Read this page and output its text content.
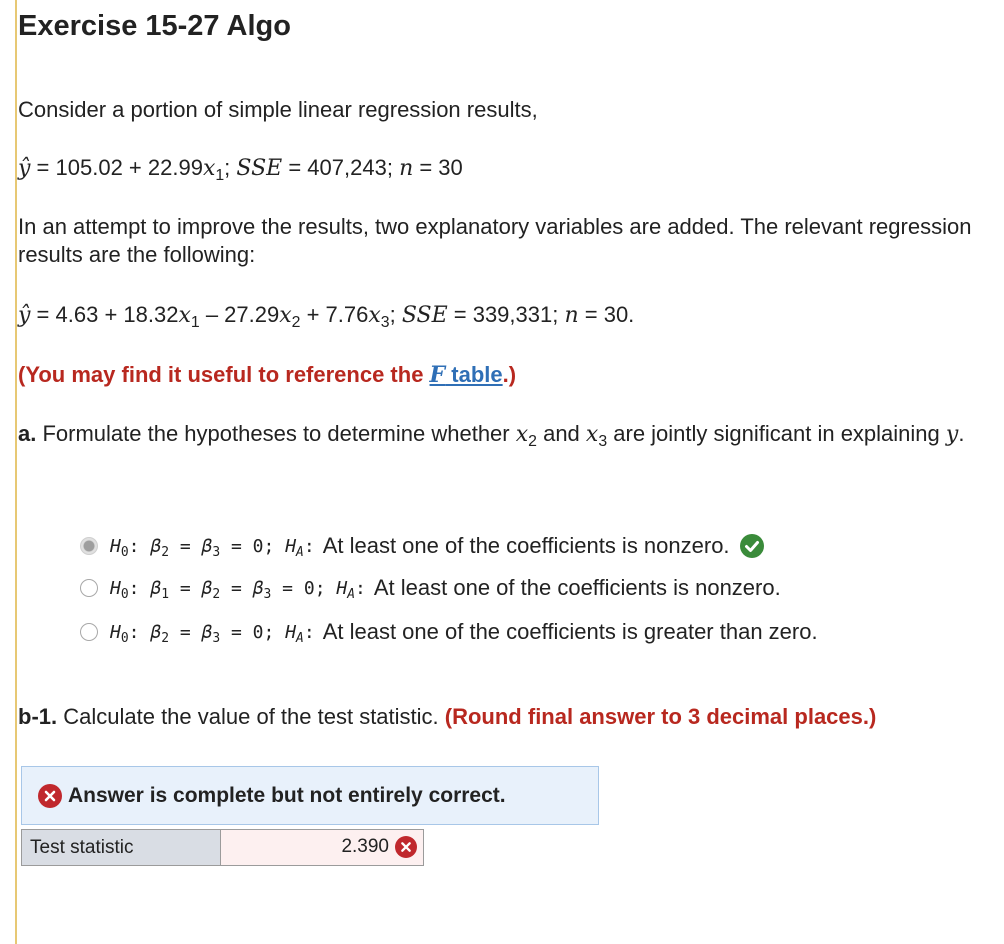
Exercise 15-27 Algo

Consider a portion of simple linear regression results,

ŷ = $105.02 + 22.99x_1$; SSE = 407,243; n = 30

In an attempt to improve the results, two explanatory variables are added. The relevant regression results are the following:

ŷ = $4.63 + 18.32x_1 - 27.29x_2 + 7.76x_3$; SSE = 339,331; n = 30.

(You may find it useful to reference the F table.)

a. Formulate the hypotheses to determine whether $x_2$ and $x_3$ are jointly significant in explaining y.

$H_0$: $\beta_2 = \beta_3 = 0$; $H_A$: At least one of the coefficients is nonzero.
$H_0$: $\beta_1 = \beta_2 = \beta_3 = 0$; $H_A$: At least one of the coefficients is nonzero.
$H_0$: $\beta_2 = \beta_3 = 0$; $H_A$: At least one of the coefficients is greater than zero.

b-1. Calculate the value of the test statistic. (Round final answer to 3 decimal places.)

Answer is complete but not entirely correct.
Test statistic	2.390
